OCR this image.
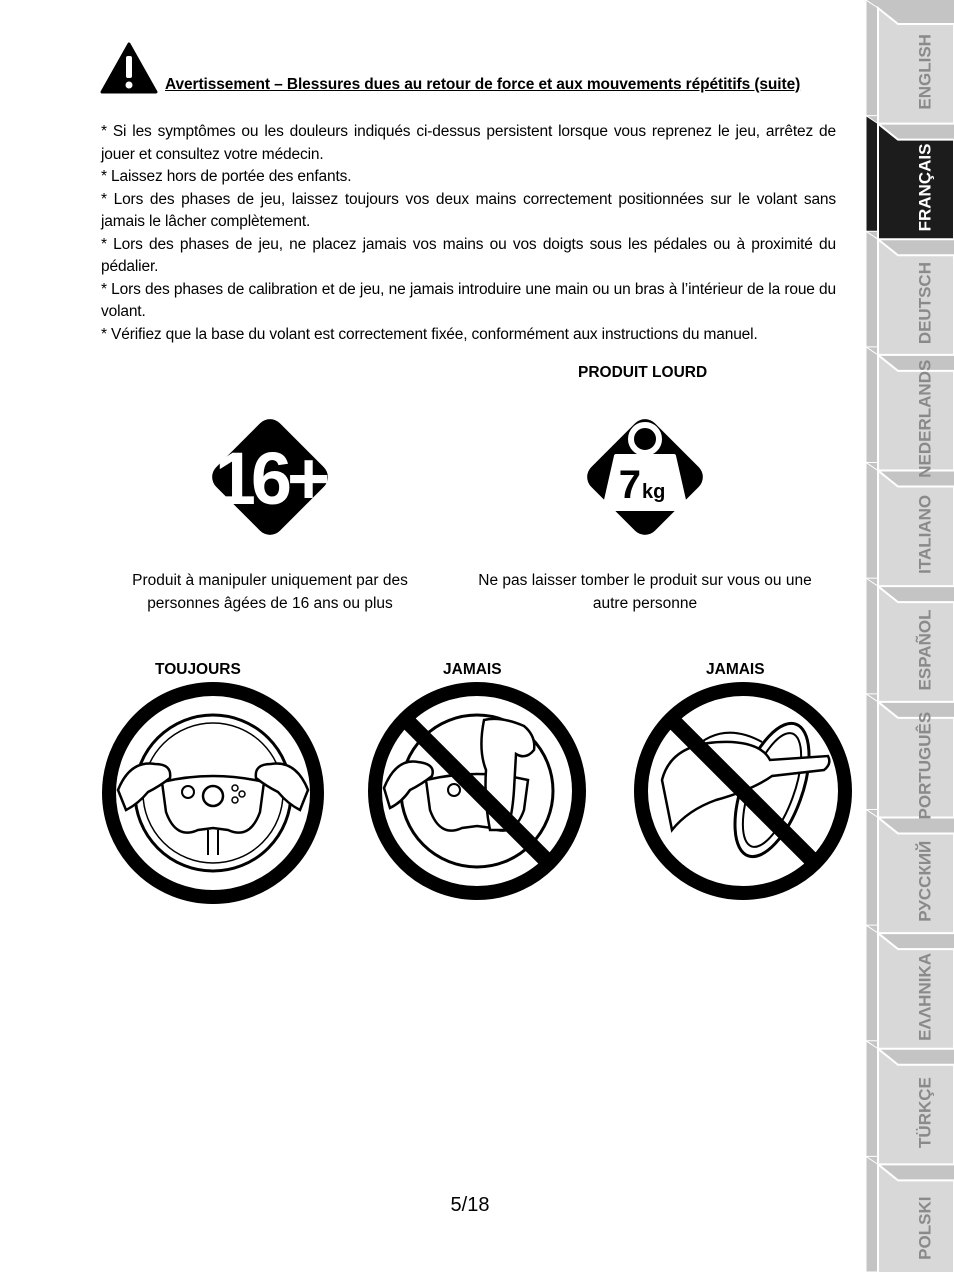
Avertissement – Blessures dues au retour de force et aux mouvements répétitifs (suite)

* Si les symptômes ou les douleurs indiqués ci-dessus persistent lorsque vous reprenez le jeu, arrêtez de jouer et consultez votre médecin.

* Laissez hors de portée des enfants.

* Lors des phases de jeu, laissez toujours vos deux mains correctement positionnées sur le volant sans jamais le lâcher complètement.

* Lors des phases de jeu, ne placez jamais vos mains ou vos doigts sous les pédales ou à proximité du pédalier.

* Lors des phases de calibration et de jeu, ne jamais introduire une main ou un bras à l’intérieur de la roue du volant.

* Vérifiez que la base du volant est correctement fixée, conformément aux instructions du manuel.

PRODUIT LOURD
16+	7 kg
Produit à manipuler uniquement par des personnes âgées de 16 ans ou plus
Ne pas laisser tomber le produit sur vous ou une autre personne
TOUJOURS	JAMAIS	JAMAIS
5/18
ENGLISH
FRANÇAIS
DEUTSCH
NEDERLANDS
ITALIANO
ESPAÑOL
PORTUGUÊS
РУССКИЙ
ΕΛΛΗΝΙΚΑ
TÜRKÇE
POLSKI
